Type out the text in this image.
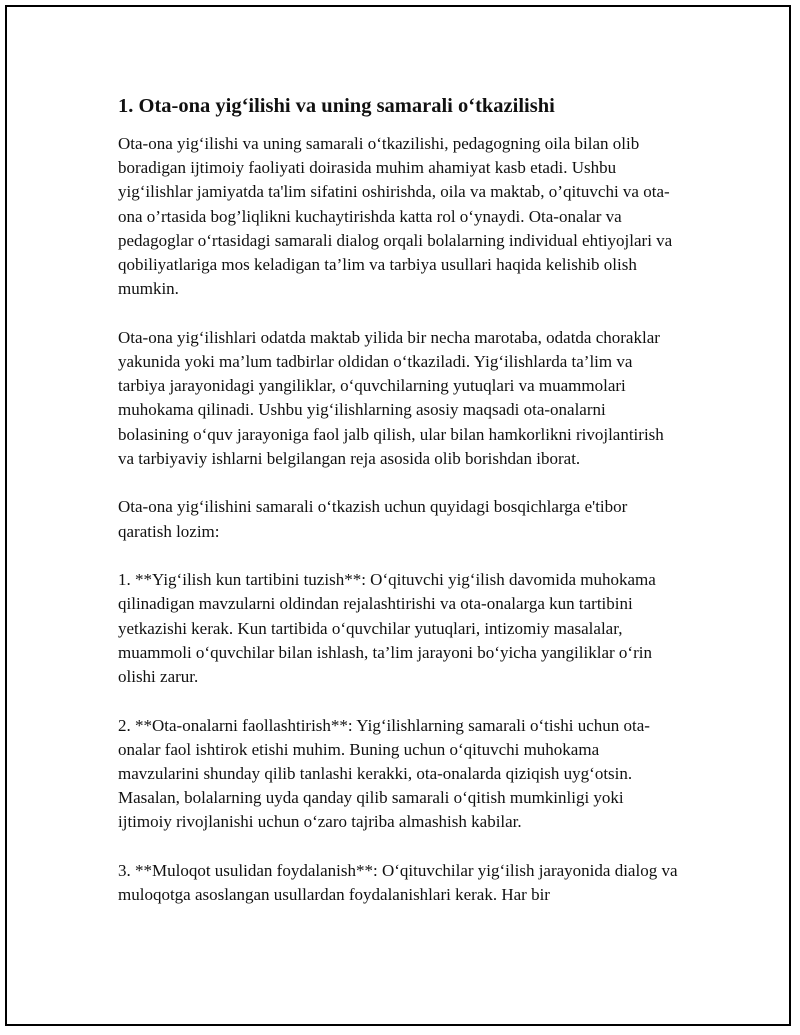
1. Ota-ona yig‘ilishi va uning samarali o‘tkazilishi

Ota-ona yig‘ilishi va uning samarali o‘tkazilishi, pedagogning oila bilan olib boradigan ijtimoiy faoliyati doirasida muhim ahamiyat kasb etadi. Ushbu yig‘ilishlar jamiyatda ta'lim sifatini oshirishda, oila va maktab, o’qituvchi va ota-ona o’rtasida bog’liqlikni kuchaytirishda katta rol o‘ynaydi. Ota-onalar va pedagoglar o‘rtasidagi samarali dialog orqali bolalarning individual ehtiyojlari va qobiliyatlariga mos keladigan ta’lim va tarbiya usullari haqida kelishib olish mumkin.

Ota-ona yig‘ilishlari odatda maktab yilida bir necha marotaba, odatda choraklar yakunida yoki ma’lum tadbirlar oldidan o‘tkaziladi. Yig‘ilishlarda ta’lim va tarbiya jarayonidagi yangiliklar, o‘quvchilarning yutuqlari va muammolari muhokama qilinadi. Ushbu yig‘ilishlarning asosiy maqsadi ota-onalarni bolasining o‘quv jarayoniga faol jalb qilish, ular bilan hamkorlikni rivojlantirish va tarbiyaviy ishlarni belgilangan reja asosida olib borishdan iborat.

Ota-ona yig‘ilishini samarali o‘tkazish uchun quyidagi bosqichlarga e'tibor qaratish lozim:

1. **Yig‘ilish kun tartibini tuzish**: O‘qituvchi yig‘ilish davomida muhokama qilinadigan mavzularni oldindan rejalashtirishi va ota-onalarga kun tartibini yetkazishi kerak. Kun tartibida o‘quvchilar yutuqlari, intizomiy masalalar, muammoli o‘quvchilar bilan ishlash, ta’lim jarayoni bo‘yicha yangiliklar o‘rin olishi zarur.

2. **Ota-onalarni faollashtirish**: Yig‘ilishlarning samarali o‘tishi uchun ota-onalar faol ishtirok etishi muhim. Buning uchun o‘qituvchi muhokama mavzularini shunday qilib tanlashi kerakki, ota-onalarda qiziqish uyg‘otsin. Masalan, bolalarning uyda qanday qilib samarali o‘qitish mumkinligi yoki ijtimoiy rivojlanishi uchun o‘zaro tajriba almashish kabilar.

3. **Muloqot usulidan foydalanish**: O‘qituvchilar yig‘ilish jarayonida dialog va muloqotga asoslangan usullardan foydalanishlari kerak. Har bir
